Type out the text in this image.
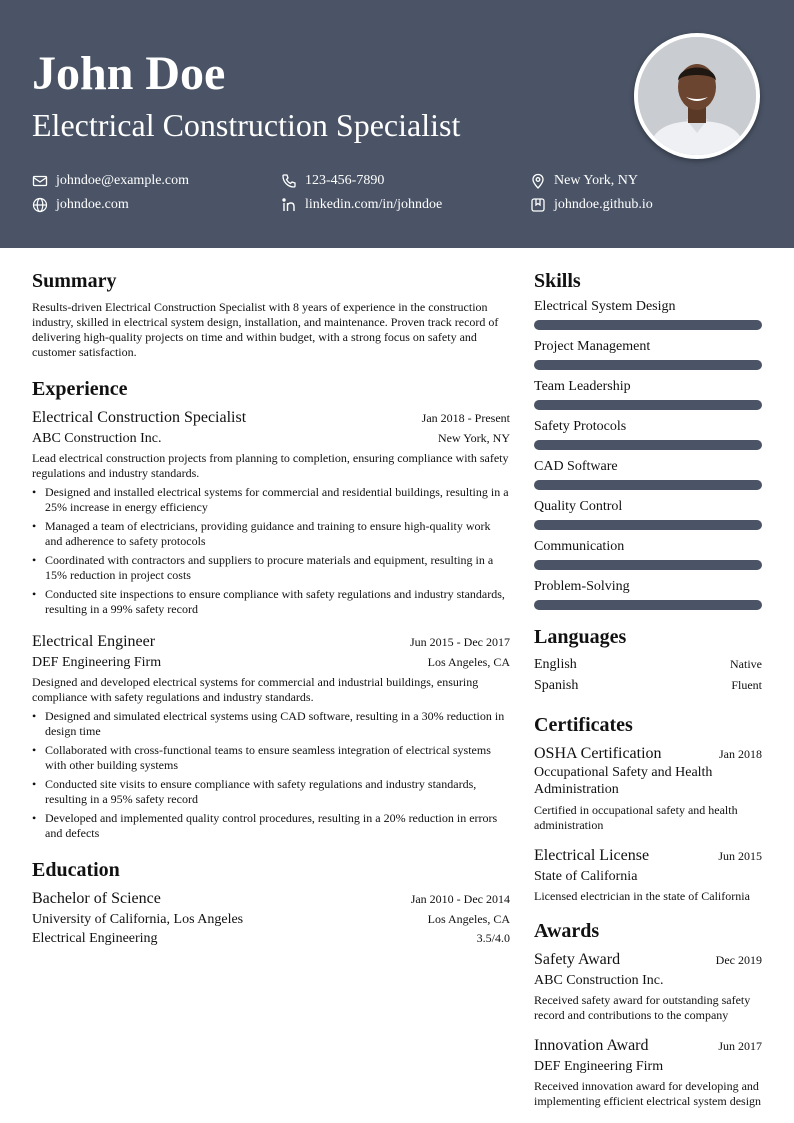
John Doe
Electrical Construction Specialist
johndoe@example.com	123-456-7890	New York, NY
johndoe.com	linkedin.com/in/johndoe	johndoe.github.io
Summary

Results-driven Electrical Construction Specialist with 8 years of experience in the construction industry, skilled in electrical system design, installation, and maintenance. Proven track record of delivering high-quality projects on time and within budget, with a strong focus on safety and customer satisfaction.

Experience
Electrical Construction Specialist	Jan 2018 - Present
ABC Construction Inc.	New York, NY

Lead electrical construction projects from planning to completion, ensuring compliance with safety regulations and industry standards.

• Designed and installed electrical systems for commercial and residential buildings, resulting in a 25% increase in energy efficiency
• Managed a team of electricians, providing guidance and training to ensure high-quality work and adherence to safety protocols
• Coordinated with contractors and suppliers to procure materials and equipment, resulting in a 15% reduction in project costs
• Conducted site inspections to ensure compliance with safety regulations and industry standards, resulting in a 99% safety record
Electrical Engineer	Jun 2015 - Dec 2017
DEF Engineering Firm	Los Angeles, CA

Designed and developed electrical systems for commercial and industrial buildings, ensuring compliance with safety regulations and industry standards.

• Designed and simulated electrical systems using CAD software, resulting in a 30% reduction in design time
• Collaborated with cross-functional teams to ensure seamless integration of electrical systems with other building systems
• Conducted site visits to ensure compliance with safety regulations and industry standards, resulting in a 95% safety record
• Developed and implemented quality control procedures, resulting in a 20% reduction in errors and defects
Education
Bachelor of Science	Jan 2010 - Dec 2014
University of California, Los Angeles	Los Angeles, CA
Electrical Engineering	3.5/4.0
Skills
Electrical System Design
Project Management
Team Leadership
Safety Protocols
CAD Software
Quality Control
Communication
Problem-Solving
Languages
English	Native
Spanish	Fluent
Certificates
OSHA Certification	Jan 2018
Occupational Safety and Health Administration

Certified in occupational safety and health administration

Electrical License	Jun 2015
State of California

Licensed electrician in the state of California

Awards
Safety Award	Dec 2019
ABC Construction Inc.

Received safety award for outstanding safety record and contributions to the company

Innovation Award	Jun 2017
DEF Engineering Firm

Received innovation award for developing and implementing efficient electrical system design
